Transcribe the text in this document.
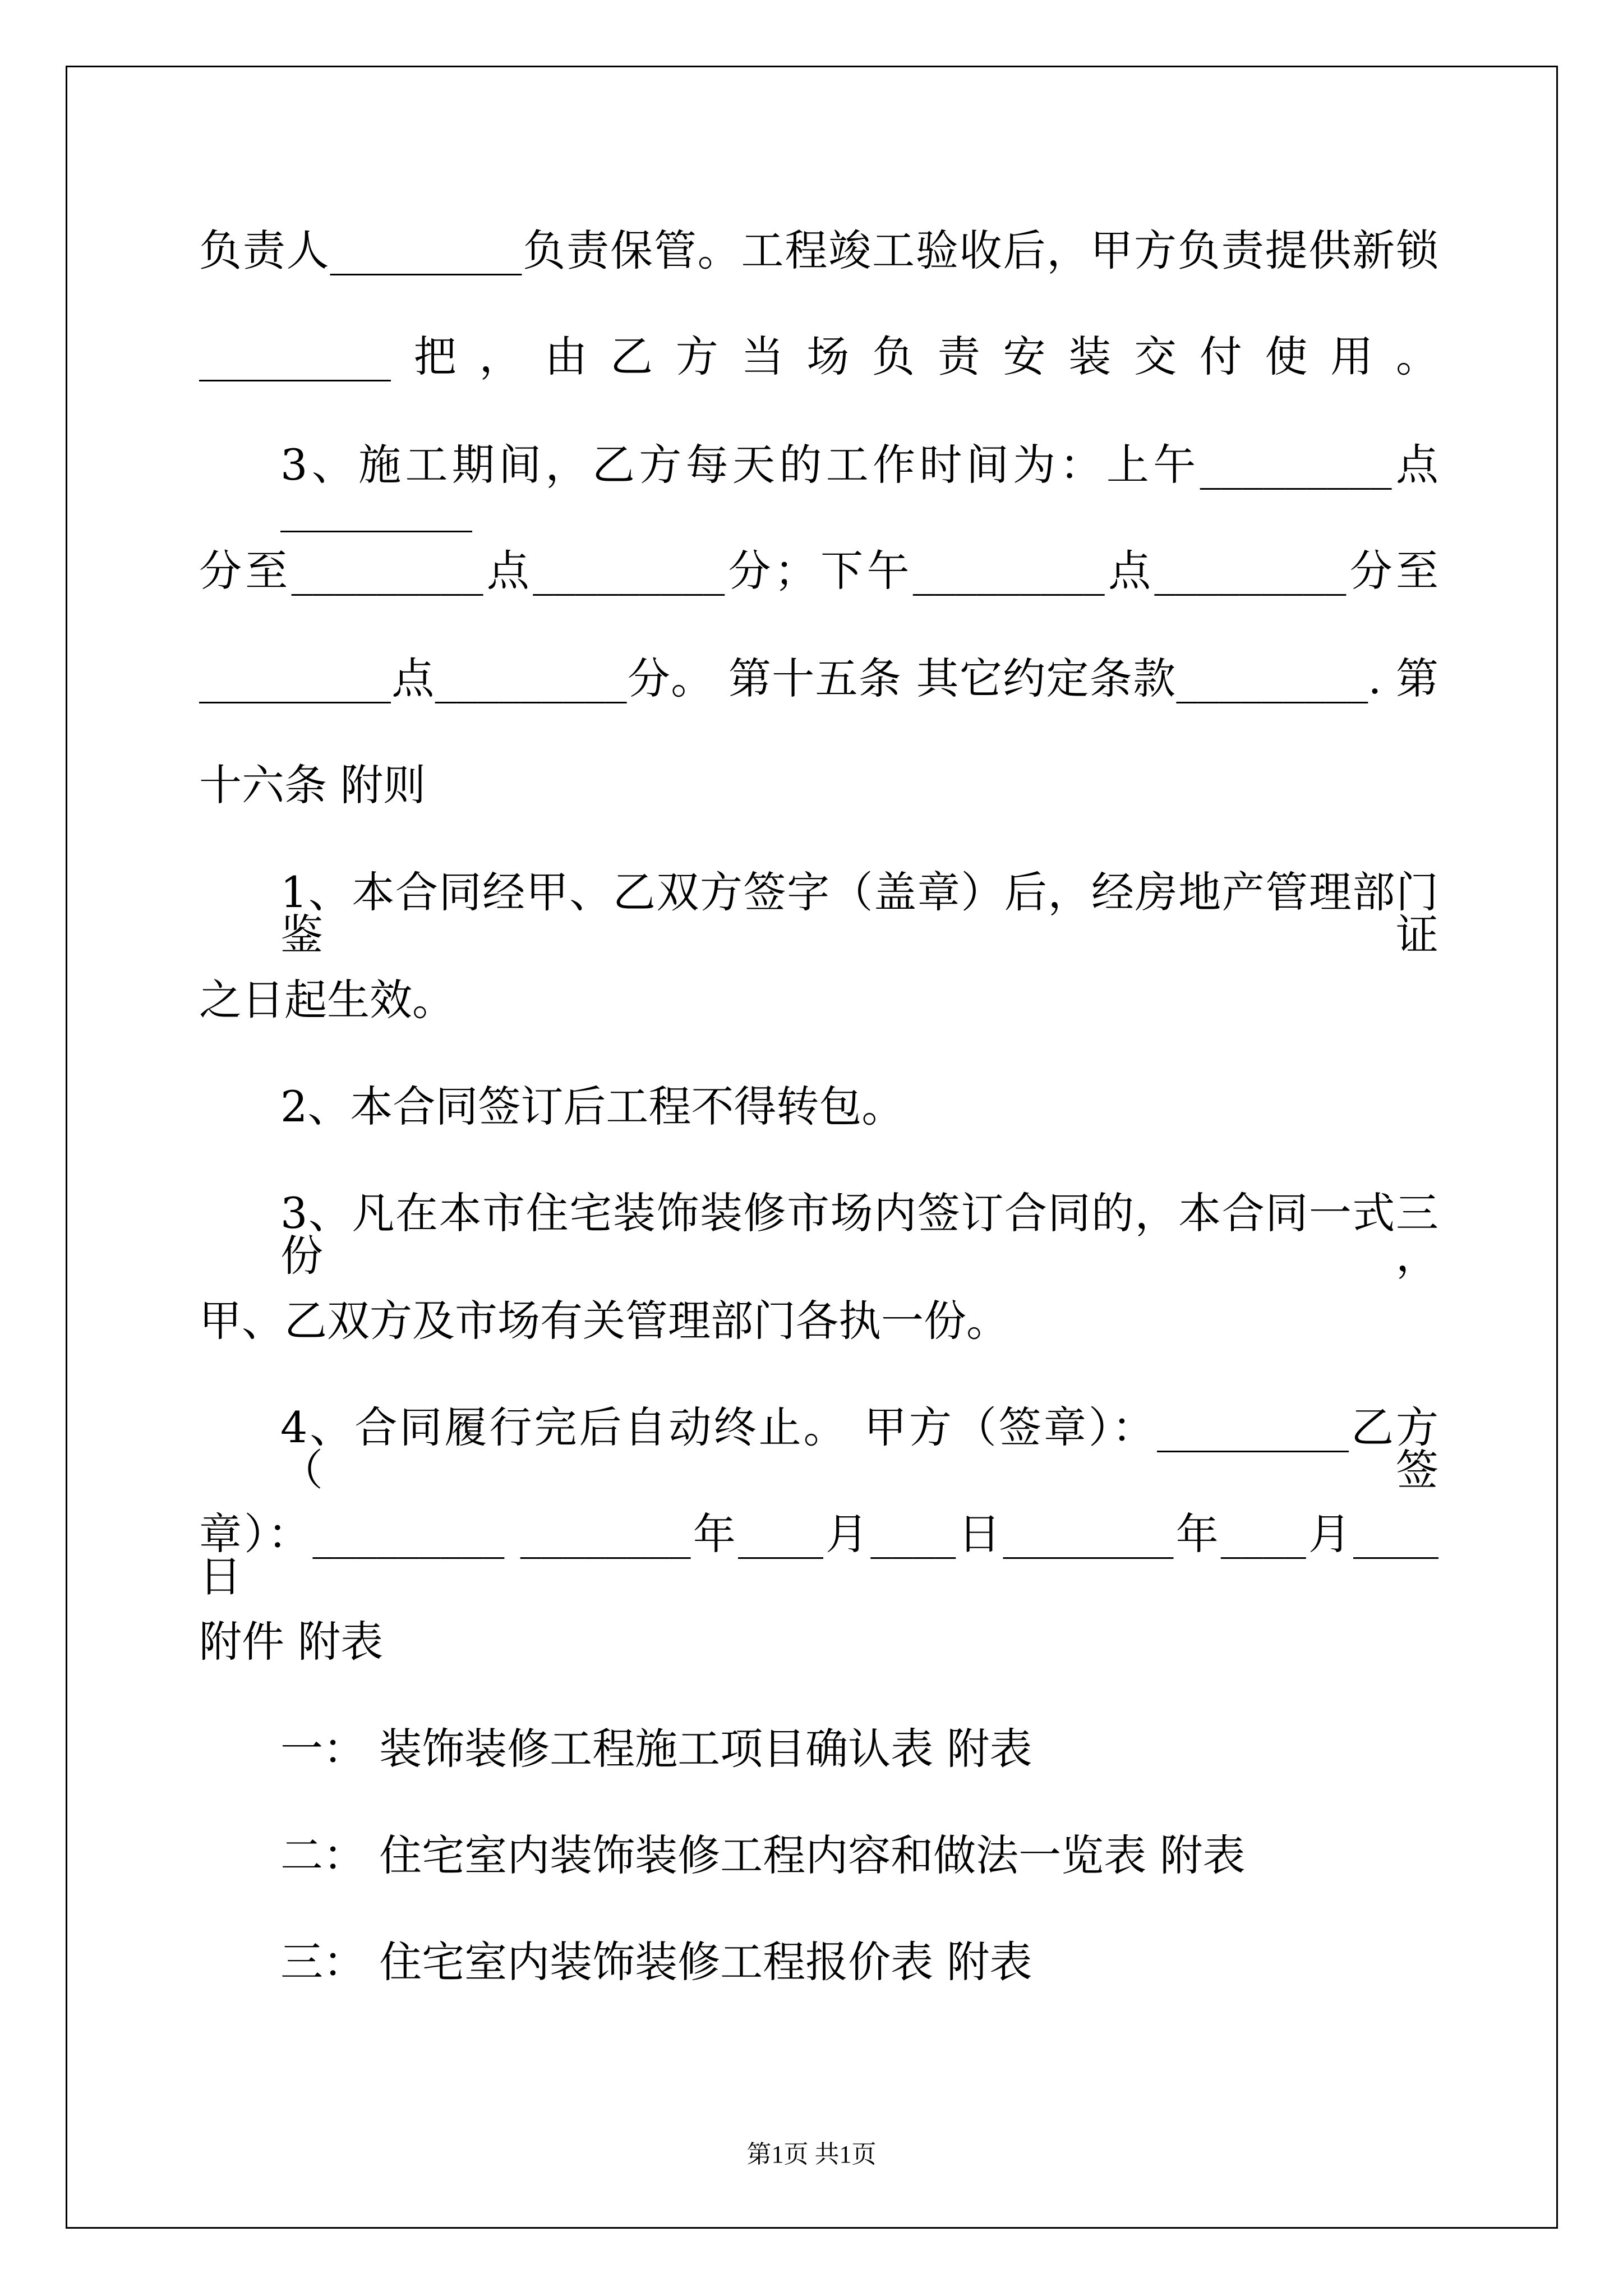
负责人_________负责保管。工程竣工验收后，甲方负责提供新锁
_________把，由乙方当场负责安装交付使用。
3、施工期间，乙方每天的工作时间为：上午_________点_________
分至_________点_________分；下午_________点_________分至
_________点_________分。 第十五条 其它约定条款_________. 第
十六条 附则
1、本合同经甲、乙双方签字（盖章）后，经房地产管理部门鉴证
之日起生效。
2、本合同签订后工程不得转包。
3、凡在本市住宅装饰装修市场内签订合同的，本合同一式三份，
甲、乙双方及市场有关管理部门各执一份。
4、合同履行完后自动终止。 甲方（签章）：_________乙方（签
章）：_________ ________年____月____日________年____月____日
附件 附表
一： 装饰装修工程施工项目确认表 附表
二： 住宅室内装饰装修工程内容和做法一览表 附表
三： 住宅室内装饰装修工程报价表 附表
第1页 共1页
